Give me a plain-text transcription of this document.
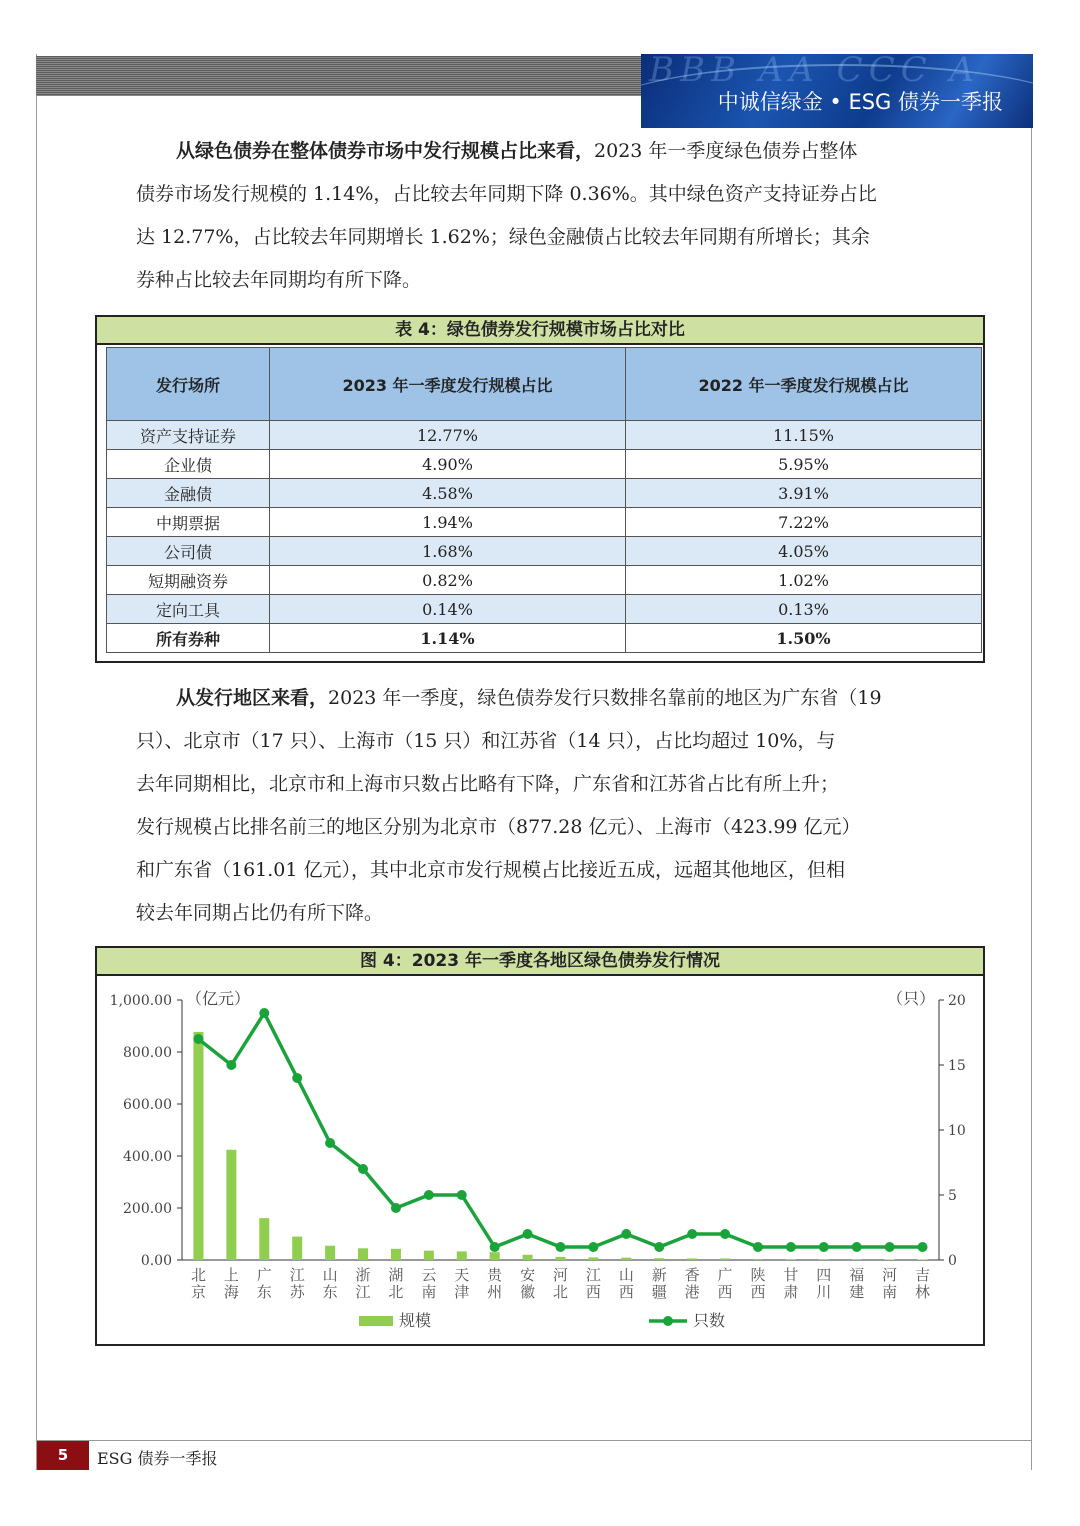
BBB AA CCC A
中诚信绿金 • ESG 债券一季报

从绿色债券在整体债券市场中发行规模占比来看，2023 年一季度绿色债券占整体
债券市场发行规模的 1.14%，占比较去年同期下降 0.36%。其中绿色资产支持证券占比
达 12.77%，占比较去年同期增长 1.62%；绿色金融债占比较去年同期有所增长；其余
券种占比较去年同期均有所下降。

表 4：绿色债券发行规模市场占比对比
发行场所	2023 年一季度发行规模占比	2022 年一季度发行规模占比
资产支持证券	12.77%	11.15%
企业债	4.90%	5.95%
金融债	4.58%	3.91%
中期票据	1.94%	7.22%
公司债	1.68%	4.05%
短期融资券	0.82%	1.02%
定向工具	0.14%	0.13%
所有券种	1.14%	1.50%

从发行地区来看，2023 年一季度，绿色债券发行只数排名靠前的地区为广东省（19
只）、北京市（17 只）、上海市（15 只）和江苏省（14 只），占比均超过 10%，与
去年同期相比，北京市和上海市只数占比略有下降，广东省和江苏省占比有所上升；
发行规模占比排名前三的地区分别为北京市（877.28 亿元）、上海市（423.99 亿元）
和广东省（161.01 亿元），其中北京市发行规模占比接近五成，远超其他地区，但相
较去年同期占比仍有所下降。

图 4：2023 年一季度各地区绿色债券发行情况
1,000.00
800.00
600.00
400.00
200.00
0.00
20
15
10
5
0
（亿元）	（只）
北京
上海
广东
江苏
山东
浙江
湖北
云南
天津
贵州
安徽
河北
江西
山西
新疆
香港
广西
陕西
甘肃
四川
福建
河南
吉林
规模	只数
5	ESG 债券一季报
